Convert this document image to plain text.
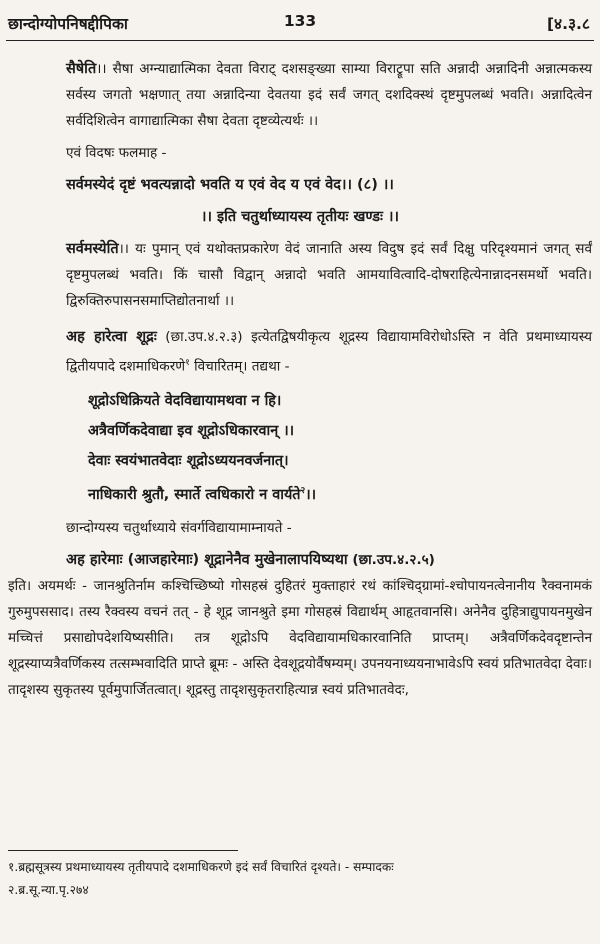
छान्दोग्योपनिषद्दीपिका	133	[४.३.८

सैषेति।। सैषा अग्न्याद्यात्मिका देवता विराट् दशसङ्ख्या साम्या विराट्रूपा सति अन्नादी अन्नादिनी अन्नात्मकस्य सर्वस्य जगतो भक्षणात् तया अन्नादिन्या देवतया इदं सर्वं जगत् दशदिक्स्थं दृष्टमुपलब्धं भवति। अन्नादित्वेन सर्वदिशित्वेन वागाद्यात्मिका सैषा देवता दृष्टव्येत्यर्थः ।।

एवं विदषः फलमाह -

सर्वमस्येदं दृष्टं भवत्यन्नादो भवति य एवं वेद य एवं वेद।। (८) ।।

।। इति चतुर्थाध्यायस्य तृतीयः खण्डः ।।

सर्वमस्येति।। यः पुमान् एवं यथोक्तप्रकारेण वेदं जानाति अस्य विदुष इदं सर्वं दिक्षु परिदृश्यमानं जगत् सर्वं दृष्टमुपलब्धं भवति। किं चासौ विद्वान् अन्नादो भवति आमयावित्वादि-दोषराहित्येनान्नादनसमर्थो भवति। द्विरुक्तिरुपासनसमाप्तिद्योतनार्था ।।

अह हारेत्वा शूद्रः (छा.उप.४.२.३) इत्येतद्विषयीकृत्य शूद्रस्य विद्यायामविरोधोऽस्ति न वेति प्रथमाध्यायस्य द्वितीयपादे दशमाधिकरणे$^१$ विचारितम्। तद्यथा -

शूद्रोऽधिक्रियते वेदविद्यायामथवा न हि।

अत्रैवर्णिकदेवाद्या इव शूद्रोऽधिकारवान् ।।

देवाः स्वयंभातवेदाः शूद्रोऽध्ययनवर्जनात्।

नाधिकारी श्रुतौ, स्मार्ते त्वधिकारो न वार्यते$^२$।।

छान्दोग्यस्य चतुर्थाध्याये संवर्गविद्यायामाम्नायते -

अह हारेमाः (आजहारेमाः) शूद्रानेनैव मुखेनालापयिष्यथा (छा.उप.४.२.५)

इति। अयमर्थः - जानश्रुतिर्नाम कश्चिच्छिष्यो गोसहस्रं दुहितरं मुक्ताहारं रथं कांश्चिद्ग्रामां-श्चोपायनत्वेनानीय रैक्वनामकं गुरुमुपससाद। तस्य रैक्वस्य वचनं तत् - हे शूद्र जानश्रुते इमा गोसहस्रं विद्यार्थम् आहृतवानसि। अनेनैव दुहित्राद्युपायनमुखेन मच्चित्तं प्रसाद्योपदेशयिष्यसीति। तत्र शूद्रोऽपि वेदविद्यायामधिकारवानिति प्राप्तम्। अत्रैवर्णिकदेवदृष्टान्तेन शूद्रस्याप्यत्रैवर्णिकस्य तत्सम्भवादिति प्राप्ते ब्रूमः - अस्ति देवशूद्रयोर्वैषम्यम्। उपनयनाध्ययनाभावेऽपि स्वयं प्रतिभातवेदा देवाः। तादृशस्य सुकृतस्य पूर्वमुपार्जितत्वात्। शूद्रस्तु तादृशसुकृतराहित्यान्न स्वयं प्रतिभातवेदः,

१.ब्रह्मसूत्रस्य प्रथमाध्यायस्य तृतीयपादे दशमाधिकरणे इदं सर्वं विचारितं दृश्यते। - सम्पादकः

२.ब्र.सू.न्या.पृ.२७४
